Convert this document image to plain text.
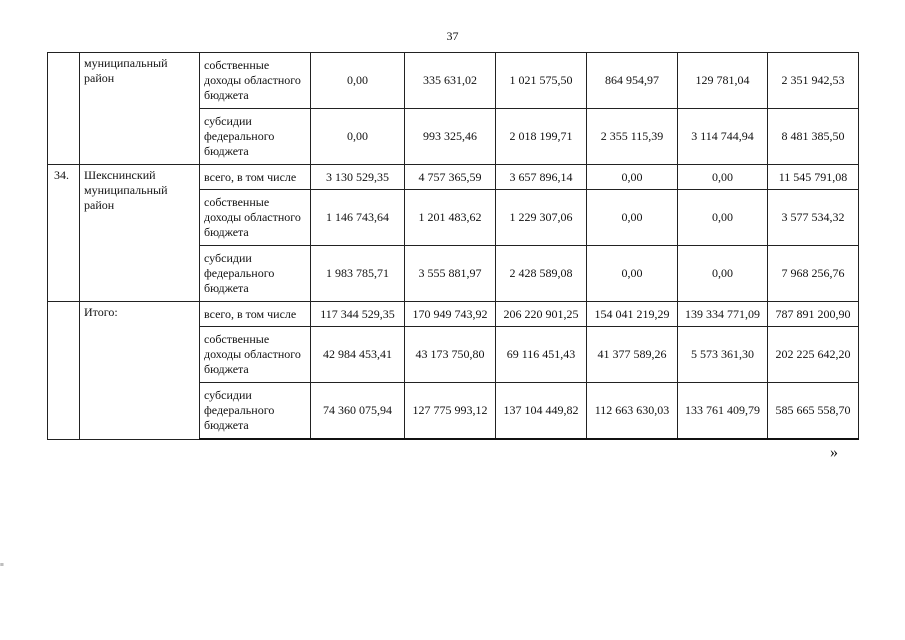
37
	муниципальный район	собственные доходы областного бюджета	0,00	335 631,02	1 021 575,50	864 954,97	129 781,04	2 351 942,53
		субсидии федерального бюджета	0,00	993 325,46	2 018 199,71	2 355 115,39	3 114 744,94	8 481 385,50
34.	Шекснинский муниципальный район	всего, в том числе	3 130 529,35	4 757 365,59	3 657 896,14	0,00	0,00	11 545 791,08
		собственные доходы областного бюджета	1 146 743,64	1 201 483,62	1 229 307,06	0,00	0,00	3 577 534,32
		субсидии федерального бюджета	1 983 785,71	3 555 881,97	2 428 589,08	0,00	0,00	7 968 256,76
	Итого:	всего, в том числе	117 344 529,35	170 949 743,92	206 220 901,25	154 041 219,29	139 334 771,09	787 891 200,90
		собственные доходы областного бюджета	42 984 453,41	43 173 750,80	69 116 451,43	41 377 589,26	5 573 361,30	202 225 642,20
		субсидии федерального бюджета	74 360 075,94	127 775 993,12	137 104 449,82	112 663 630,03	133 761 409,79	585 665 558,70
»
≡
